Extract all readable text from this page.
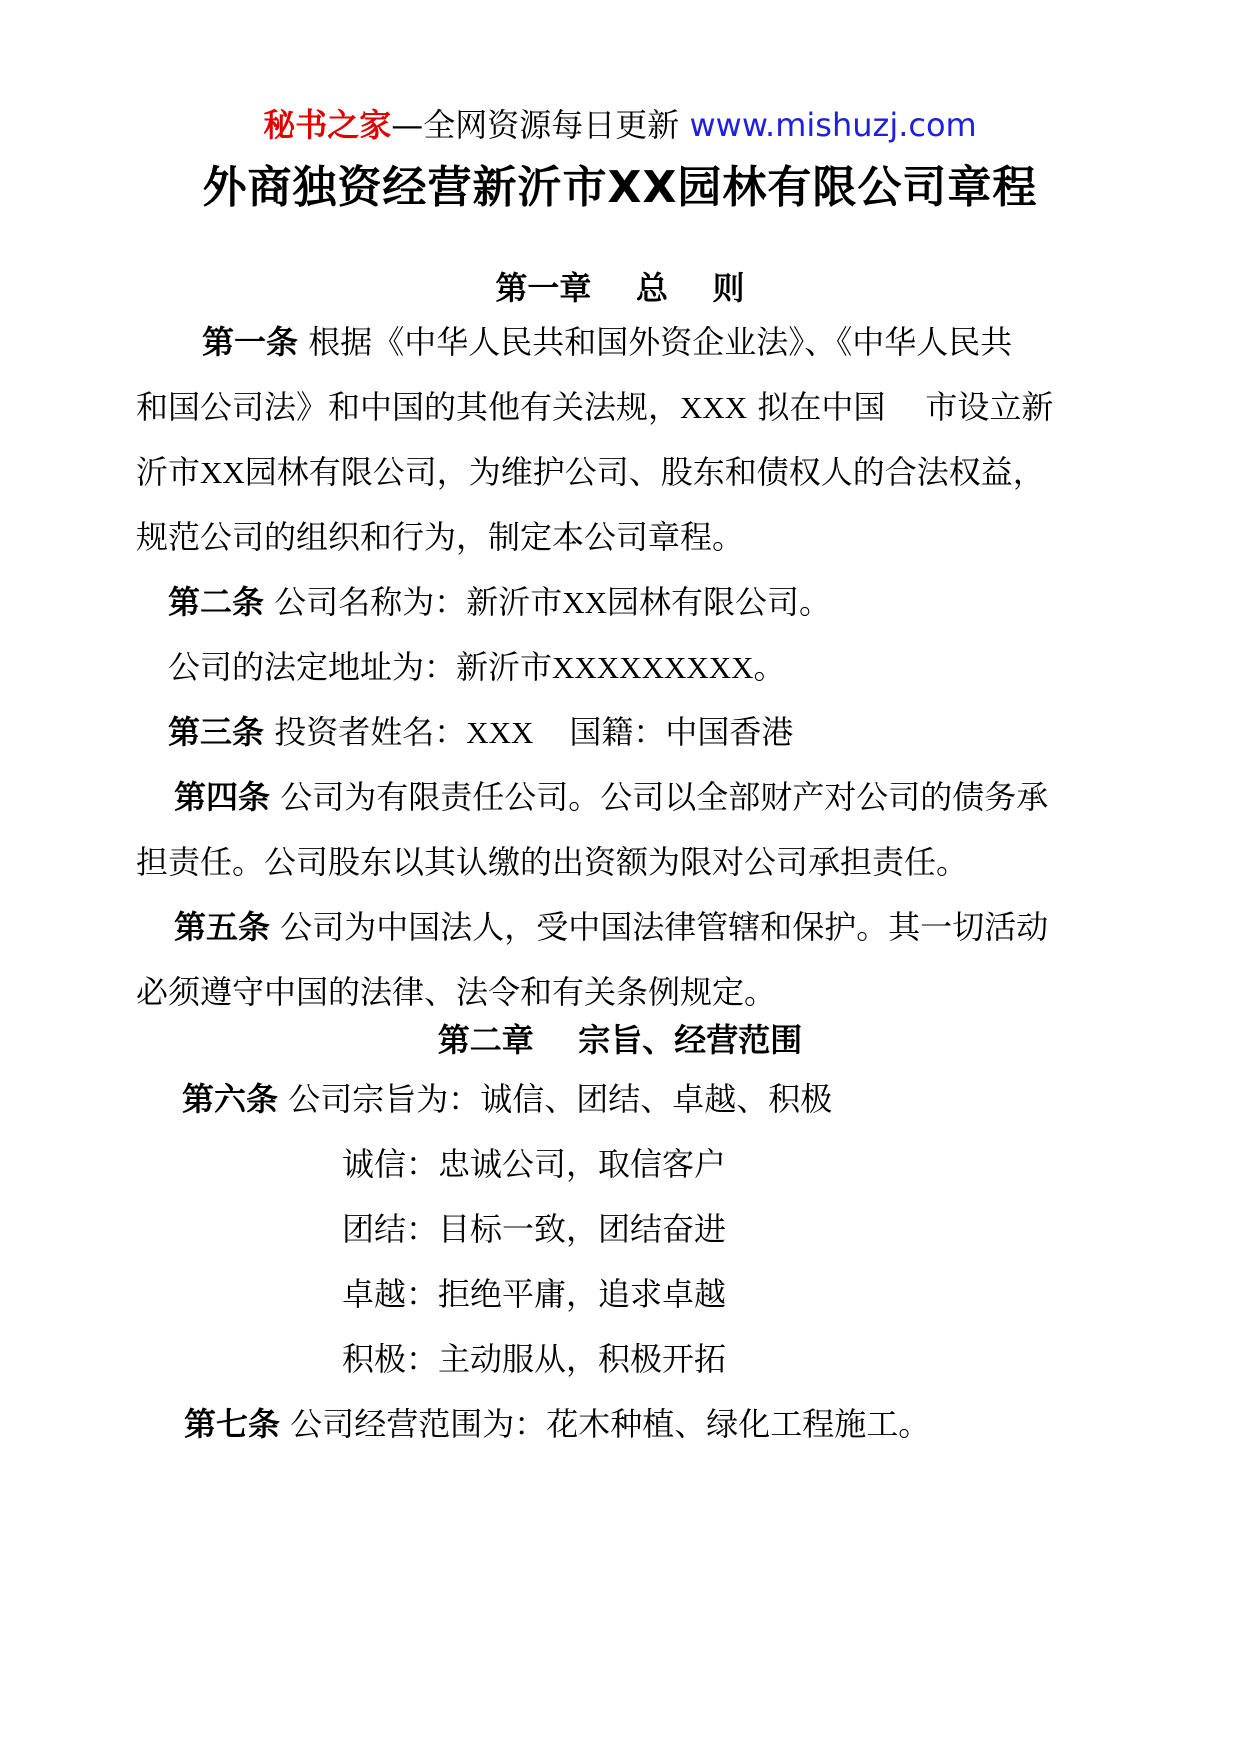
秘书之家—全网资源每日更新 www.mishuzj.com
外商独资经营新沂市XX园林有限公司章程
第一章    总    则

第一条 根据《中华人民共和国外资企业法》、《中华人民共

和国公司法》和中国的其他有关法规，XXX 拟在中国 市设立新

沂市XX园林有限公司，为维护公司、股东和债权人的合法权益，

规范公司的组织和行为，制定本公司章程。

第二条 公司名称为：新沂市XX园林有限公司。

公司的法定地址为：新沂市XXXXXXXXX。

第三条 投资者姓名：XXX 国籍：中国香港

第四条 公司为有限责任公司。公司以全部财产对公司的债务承

担责任。公司股东以其认缴的出资额为限对公司承担责任。

第五条 公司为中国法人，受中国法律管辖和保护。其一切活动

必须遵守中国的法律、法令和有关条例规定。

第二章    宗旨、经营范围

第六条 公司宗旨为：诚信、团结、卓越、积极

诚信：忠诚公司，取信客户

团结：目标一致，团结奋进

卓越：拒绝平庸，追求卓越

积极：主动服从，积极开拓

第七条 公司经营范围为：花木种植、绿化工程施工。
